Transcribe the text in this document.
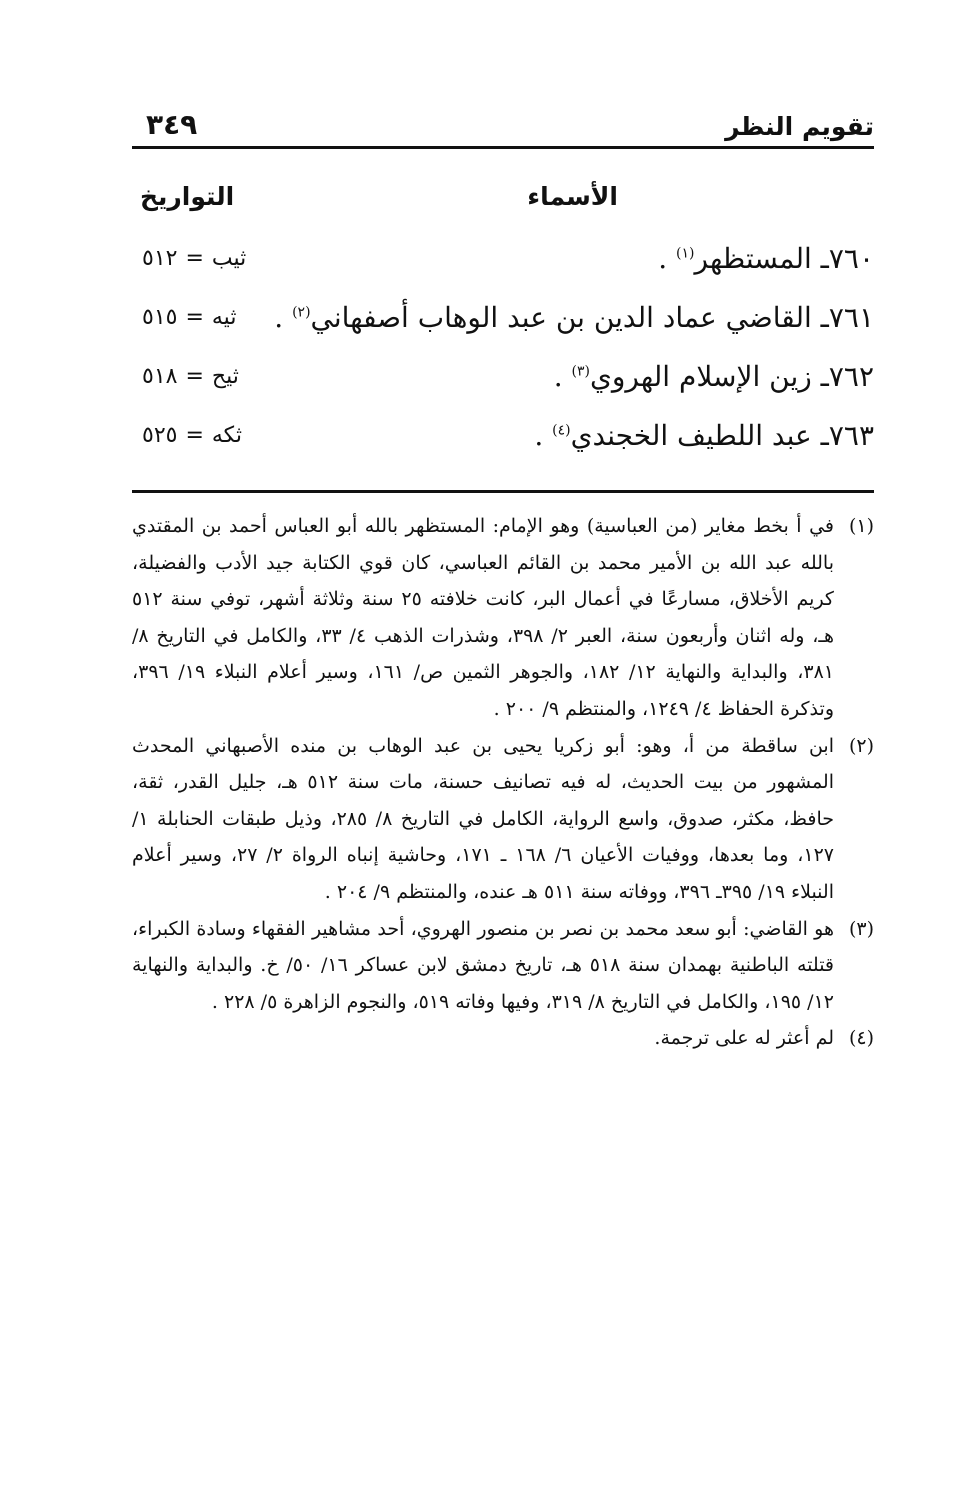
تقويم النظر
٣٤٩
الأسماء
التواريخ
٧٦٠ـ المستظهر$^{(١)}$ .
ثيب=٥١٢
٧٦١ـ القاضي عماد الدين بن عبد الوهاب أصفهاني$^{(٢)}$ .
ثيه=٥١٥
٧٦٢ـ زين الإسلام الهروي$^{(٣)}$ .
ثيح=٥١٨
٧٦٣ـ عبد اللطيف الخجندي$^{(٤)}$ .
ثكه=٥٢٥

(١)
في أ بخط مغاير (من العباسية) وهو الإمام: المستظهر بالله أبو العباس أحمد بن المقتدي بالله عبد الله بن الأمير محمد بن القائم العباسي، كان قوي الكتابة جيد الأدب والفضيلة، كريم الأخلاق، مسارعًا في أعمال البر، كانت خلافته ٢٥ سنة وثلاثة أشهر، توفي سنة ٥١٢ هـ، وله اثنان وأربعون سنة، العبر ٢/ ٣٩٨، وشذرات الذهب ٤/ ٣٣، والكامل في التاريخ ٨/ ٣٨١، والبداية والنهاية ١٢/ ١٨٢، والجوهر الثمين ص/ ١٦١، وسير أعلام النبلاء ١٩/ ٣٩٦، وتذكرة الحفاظ ٤/ ١٢٤٩، والمنتظم ٩/ ٢٠٠ .

(٢)
ابن ساقطة من أ، وهو: أبو زكريا يحيى بن عبد الوهاب بن منده الأصبهاني المحدث المشهور من بيت الحديث، له فيه تصانيف حسنة، مات سنة ٥١٢ هـ، جليل القدر، ثقة، حافظ، مكثر، صدوق، واسع الرواية، الكامل في التاريخ ٨/ ٢٨٥، وذيل طبقات الحنابلة ١/ ١٢٧، وما بعدها، ووفيات الأعيان ٦/ ١٦٨ ـ ١٧١، وحاشية إنباه الرواة ٢/ ٢٧، وسير أعلام النبلاء ١٩/ ٣٩٥ـ ٣٩٦، ووفاته سنة ٥١١ هـ عنده، والمنتظم ٩/ ٢٠٤ .

(٣)
هو القاضي: أبو سعد محمد بن نصر بن منصور الهروي، أحد مشاهير الفقهاء وسادة الكبراء، قتلته الباطنية بهمدان سنة ٥١٨ هـ، تاريخ دمشق لابن عساكر ١٦/ ٥٠/ خ. والبداية والنهاية ١٢/ ١٩٥، والكامل في التاريخ ٨/ ٣١٩، وفيها وفاته ٥١٩، والنجوم الزاهرة ٥/ ٢٢٨ .

(٤)
لم أعثر له على ترجمة.
